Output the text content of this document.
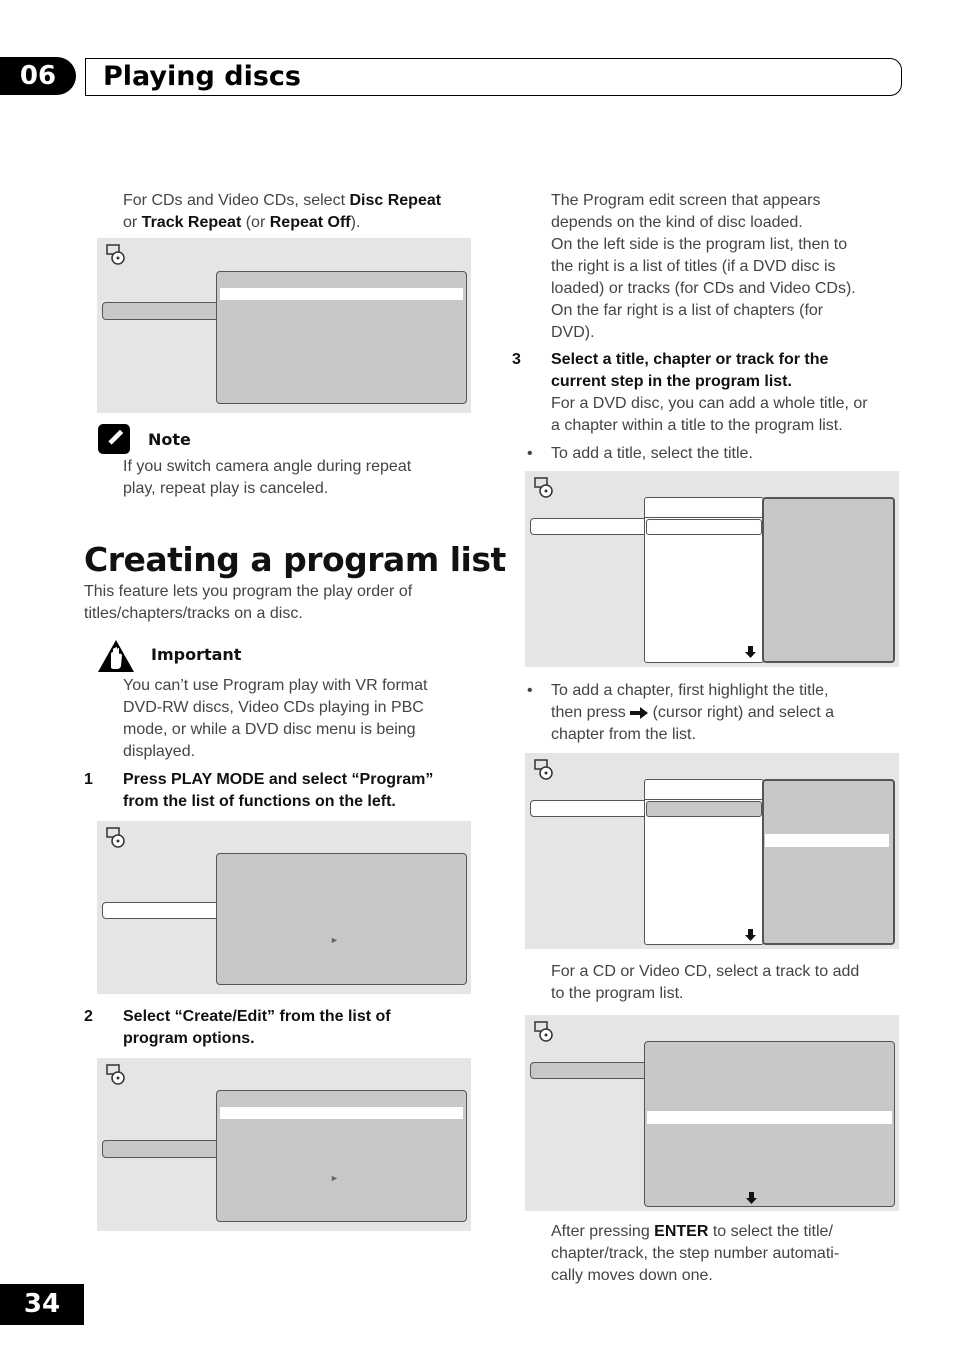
06	Playing discs
For CDs and Video CDs, select Disc Repeat
or Track Repeat (or Repeat Off).
Note
If you switch camera angle during repeat
play, repeat play is canceled.
Creating a program list
This feature lets you program the play order of
titles/chapters/tracks on a disc.
Important
You can’t use Program play with VR format
DVD-RW discs, Video CDs playing in PBC
mode, or while a DVD disc menu is being
displayed.
1 Press PLAY MODE and select “Program”
from the list of functions on the left.
►
2 Select “Create/Edit” from the list of
program options.
►
34
The Program edit screen that appears
depends on the kind of disc loaded.
On the left side is the program list, then to
the right is a list of titles (if a DVD disc is
loaded) or tracks (for CDs and Video CDs).
On the far right is a list of chapters (for
DVD).
3 Select a title, chapter or track for the
current step in the program list.
For a DVD disc, you can add a whole title, or
a chapter within a title to the program list.
• To add a title, select the title.
• To add a chapter, first highlight the title,
then press  (cursor right) and select a
chapter from the list.
For a CD or Video CD, select a track to add
to the program list.
After pressing ENTER to select the title/
chapter/track, the step number automati-
cally moves down one.
